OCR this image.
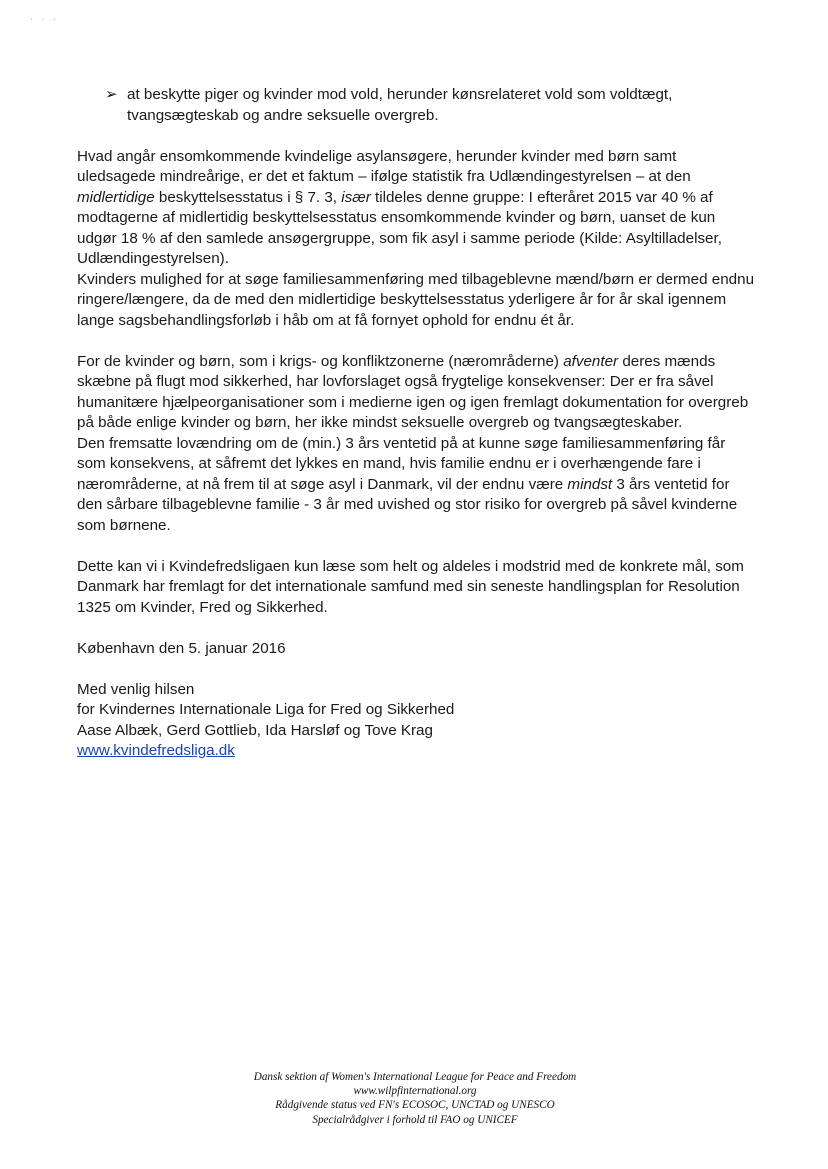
· · ·
➢ at beskytte piger og kvinder mod vold, herunder kønsrelateret vold som voldtægt, tvangsægteskab og andre seksuelle overgreb.

Hvad angår ensomkommende kvindelige asylansøgere, herunder kvinder med børn samt uledsagede mindreårige, er det et faktum – ifølge statistik fra Udlændingestyrelsen – at den midlertidige beskyttelsesstatus i § 7. 3, især tildeles denne gruppe: I efteråret 2015 var 40 % af modtagerne af midlertidig beskyttelsesstatus ensomkommende kvinder og børn, uanset de kun udgør 18 % af den samlede ansøgergruppe, som fik asyl i samme periode (Kilde: Asyltilladelser, Udlændingestyrelsen).

Kvinders mulighed for at søge familiesammenføring med tilbageblevne mænd/børn er dermed endnu ringere/længere, da de med den midlertidige beskyttelsesstatus yderligere år for år skal igennem lange sagsbehandlingsforløb i håb om at få fornyet ophold for endnu ét år.

For de kvinder og børn, som i krigs- og konfliktzonerne (nærområderne) afventer deres mænds skæbne på flugt mod sikkerhed, har lovforslaget også frygtelige konsekvenser: Der er fra såvel humanitære hjælpeorganisationer som i medierne igen og igen fremlagt dokumentation for overgreb på både enlige kvinder og børn, her ikke mindst seksuelle overgreb og tvangsægteskaber.

Den fremsatte lovændring om de (min.) 3 års ventetid på at kunne søge familiesammenføring får som konsekvens, at såfremt det lykkes en mand, hvis familie endnu er i overhængende fare i nærområderne, at nå frem til at søge asyl i Danmark, vil der endnu være mindst 3 års ventetid for den sårbare tilbageblevne familie - 3 år med uvished og stor risiko for overgreb på såvel kvinderne som børnene.

Dette kan vi i Kvindefredsligaen kun læse som helt og aldeles i modstrid med de konkrete mål, som Danmark har fremlagt for det internationale samfund med sin seneste handlingsplan for Resolution 1325 om Kvinder, Fred og Sikkerhed.

København den 5. januar 2016

Med venlig hilsen

for Kvindernes Internationale Liga for Fred og Sikkerhed

Aase Albæk, Gerd Gottlieb, Ida Harsløf og Tove Krag

www.kvindefredsliga.dk

Dansk sektion af Women's International League for Peace and Freedom
www.wilpfinternational.org
Rådgivende status ved FN's ECOSOC, UNCTAD og UNESCO
Specialrådgiver i forhold til FAO og UNICEF
